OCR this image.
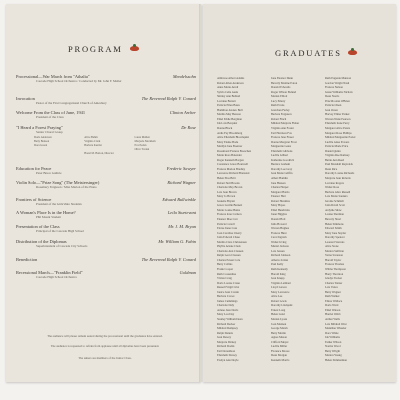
PROGRAM
Processional—War March from "Athalia"	Mendelssohn
Cascade High School Orchestra / Conducted by Mr. John F. Moller
Invocation	The Reverend Ralph V. Conard
Pastor of the First Congregational Church of Amesbury
Welcome From the Class of June, 1941	Clinton Archer
President of the Class
"I Heard a Forest Praying"	De Rose
Senior Choral Group
Education for Peace	Frederic Sawyer
Peter Bruce Guthrie
Violin Solo—"Prize Song" (The Meistersinger)	Richard Wagner
Rosemary Ferguson / Miss Marion of the Piano
Frontiers of Science	Edward Bullwinkle
President of the Girls'shire Students
A Woman's Place Is in the Home?	Leila Sturtevant
Phil Mount Student
Presentation of the Class	Mr. J. M. Bryan
Principal of the Cascade High School
Distribution of the Diplomas	Mr. William G. Fabin
Superintendent of Cascade City Schools
Benediction	The Reverend Ralph V. Conard
Recessional March—"Franklin Field"	Goldman
Cascade High School Orchestra
Doris Anderson	Alice Bahm	Laura Mullen
Betty Benson	Virginia Clark	Marjorie Mecklem
Dora Green	Barbara Kestler	Eva Peden
Olive Tveian
Hazel M. Burton, Director
The audience will please remain seated during the processional until the graduates have entered.
The audience is requested to refrain from applause until all diplomas have been presented.
The ushers are members of the Junior Class.
GRADUATES
Ambrose Albert Adams
Robert Allen Anderson
Anna Marie Arndt
Sylvia Celia Aude
Shirley Ann Ballard
Lorraine Barrett
Patricia Ellen Bates
Hamilton Alonzo Bell
Martha May Benson
Ethel Eddie Bergman
Ida Lola Berquist
Donna Black
Ardis Fay Bloomberg
Alice Elizabeth Bloomquist
Mary Elaine Bode
Marilyn Jane Boerner
Rosamond Frances Boeschen
Marie Rosa Bolender
Roger Kenneth Borgen
Constance Grace Boutwell
Frances Marion Bradley
Lawrence Richard Branstad
Helen Elsa Britt
Robert Neil Brooks
Charlotte May Brown
Lois Jean Brown
Mary Jo Brown
Jeanette Bryant
Grace Lucille Burnett
Marie Louise Burns
Frances Ione Carlson
Eleanor Mae Carr
Patricia Carroll
Eloise Irene Cass
Joan Caroline Cherry
John Edward Chase
Martha Clara Christensen
Phyllis Arlene Clark
Charlotte Ann Clausen
Ralph Leon Clausen
Charles Ernest Cole
Betty Collins
Frank Cooper
Ruth Cossentine
Vivian Craig
Doris Lorene Crane
Russell Virgil Crist
Janice Jean Cronin
Barbara Crowe
James Cummings
Charlotte Daly
Arlene Jean Davis
Mary Lou Day
Stanley William Dean
Richard Decker
Mildred Dempsey
Ralph Dennis
Jean Dewey
Marjorie Dickey
Richard Dodds
Earl Donaldson
Elizabeth Dorsey
Evelyn Ann Doyle
Ione Eleanor Dunn
Beverly Maxine Eaton
Donald Edwards
Roger Wilson Eklund
Marian Elliott
Lucy Emery
Ruth Evans
Gretchen Farley
Barbara Ferguson
Robert Finch
Mildred Marjorie Fisher
Virginia Ann Foster
Earl Harrison Fox
Frances Jane Fraser
Donna Margaret Frost
Marguerite Gates
Elizabeth Gibbons
Lucille Gilbert
Katherine Goodrich
Bernice Graham
Dorothy Lee Gray
Jean Marie Griffin
Albert Hamlin
Jane Hansen
Charles Harper
Margaret Harris
Eleanor Hart
Robert Hawkins
Mary Hayes
Ethel Hendricks
Janet Higgins
Donald Holt
Julia Howard
Warren Hughes
Frances Hunt
Carol Ingram
Walter Irving
Muriel Jackson
Lois Jensen
Richard Johnson
Alberta Jordan
Paul Kelly
Ruth Kennedy
Harold King
Jean Knapp
Virginia Lambert
Lloyd Larson
Mary Lawrence
Alice Lee
Robert Lewis
Dorothy Lindquist
Ernest Long
Helen Lund
Marian Lyons
Joan Madsen
George Marsh
Betty Martin
Agnes Mason
Clifford Meyer
Lucille Miller
Florence Moore
Dean Morgan
Kenneth Morris
Ruth Eugenia Munson
Gordon Wright Nash
Frances Nelson
Jessie Williams Nichols
Dean Norris
Priscilla Ann O'Brien
Patricia Olsen
Jean Owen
Harvey Elmer Parker
Warren Wade Pearson
Elizabeth Irene Perry
Margaret Alice Peters
Margaret Rose Phillips
Mildred Marguerite Porter
Lucille Anne Powers
Patricia Marie Price
Daniel Quinn
Virginia Rae Ramsey
Bettie Ann Reed
Paul Marshall Reynolds
Dean Rice
Dorothy Louise Richards
Marjorie Jean Roberts
Lorraine Rogers
Walter Ross
Barbara Alice Russell
Lois Marie Sanders
Jerome Schmidt
John David Scott
Ardythe Shaw
Louise Sherman
Beverly Short
Helen Simmons
Edward Smith
Mary Jane Snyder
Dorothy Spencer
Leonard Stevens
Alice Stone
Marion Sullivan
Verna Swanson
Harold Taylor
Frances Thomas
Wilma Thompson
Harry Thornton
Gladys Tucker
Charles Turner
Lois Vance
Betty Wagner
Ruth Walker
Elinor Wallace
Doris Ward
Ethel Watson
Harriet Webb
Arthur Wells
Lois Mildred West
Madeline Wheeler
Dora White
Ida Williams
Esther Wilson
Norma Wood
Betty Wright
Marion Young
Helen Zimmerman
